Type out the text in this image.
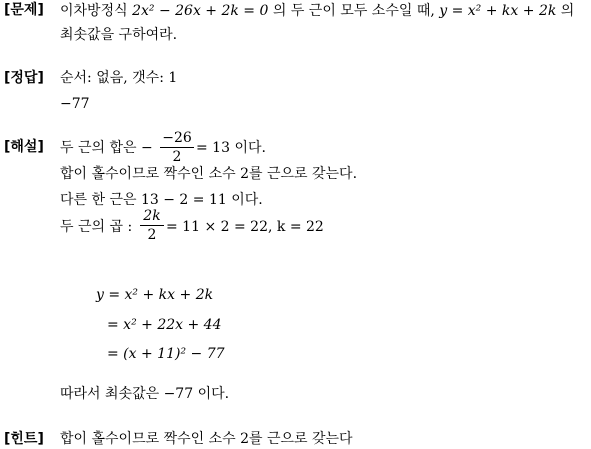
[문제] 이차방정식 2x² − 26x + 2k = 0 의 두 근이 모두 소수일 때, y = x² + kx + 2k 의
최솟값을 구하여라.
[정답] 순서: 없음, 갯수: 1
−77
[해설] 두 근의 합은 −
−26
2
= 13 이다.
합이 홀수이므로 짝수인 소수 2를 근으로 갖는다.
다른 한 근은 13 − 2 = 11 이다.
두 근의 곱 :
2k
2 = 11 × 2 = 22, k = 22
y = x² + kx + 2k
= x² + 22x + 44
= (x + 11)² − 77
따라서 최솟값은 −77 이다.
[힌트] 합이 홀수이므로 짝수인 소수 2를 근으로 갖는다
